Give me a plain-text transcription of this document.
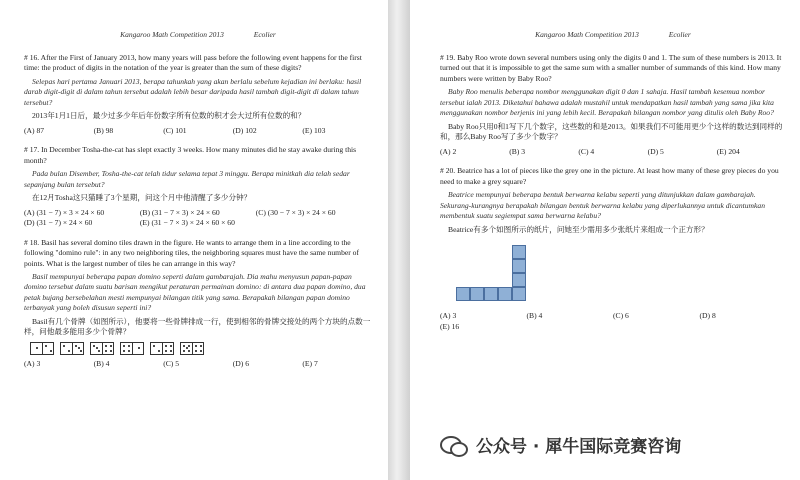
Kangaroo Math Competition 2013	Ecolier

# 16. After the First of January 2013, how many years will pass before the following event happens for the first time: the product of digits in the notation of the year is greater than the sum of these digits?

Selepas hari pertama Januari 2013, berapa tahunkah yang akan berlalu sebelum kejadian ini berlaku: hasil darab digit-digit di dalam tahun tersebut adalah lebih besar daripada hasil tambah digit-digit di dalam tahun tersebut?

2013年1月1日后，最少过多少年后年份数字所有位数的积才会大过所有位数的和？

(A) 87	(B) 98	(C) 101	(D) 102	(E) 103

# 17. In December Tosha-the-cat has slept exactly 3 weeks. How many minutes did he stay awake during this month?

Pada bulan Disember, Tosha-the-cat telah tidur selama tepat 3 minggu. Berapa minitkah dia telah sedar sepanjang bulan tersebut?

在12月Tosha这只猫睡了3个星期，问这个月中他清醒了多少分钟？

(A) (31 − 7) × 3 × 24 × 60	(B) (31 − 7 × 3) × 24 × 60	(C) (30 − 7 × 3) × 24 × 60
(D) (31 − 7) × 24 × 60	(E) (31 − 7 × 3) × 24 × 60 × 60

# 18. Basil has several domino tiles drawn in the figure. He wants to arrange them in a line according to the following "domino rule": in any two neighboring tiles, the neighboring squares must have the same number of points. What is the largest number of tiles he can arrange in this way?

Basil mempunyai beberapa papan domino seperti dalam gambarajah. Dia mahu menyusun papan-papan domino tersebut dalam suatu barisan mengikut peraturan permainan domino: di antara dua papan domino, dua petak bujang bersebelahan mesti mempunyai bilangan titik yang sama. Berapakah bilangan papan domino terbanyak yang boleh disusun seperti ini?

Basil有几个骨牌（如图所示），他要将一些骨牌排成一行，使到相邻的骨牌交接处的两个方块的点数一样，问他最多能用多少个骨牌？

(A) 3	(B) 4	(C) 5	(D) 6	(E) 7
Kangaroo Math Competition 2013	Ecolier

# 19. Baby Roo wrote down several numbers using only the digits 0 and 1. The sum of these numbers is 2013. It turned out that it is impossible to get the same sum with a smaller number of summands of this kind. How many numbers were written by Baby Roo?

Baby Roo menulis beberapa nombor menggunakan digit 0 dan 1 sahaja. Hasil tambah kesemua nombor tersebut ialah 2013. Diketahui bahawa adalah mustahil untuk mendapatkan hasil tambah yang sama jika kita menggunakan nombor berjenis ini yang lebih kecil. Berapakah bilangan nombor yang ditulis oleh Baby Roo?

Baby Roo只用0和1写下几个数字，这些数的和是2013。如果我们不可能用更少个这样的数达到同样的和，那么Baby Roo写了多少个数字？

(A) 2	(B) 3	(C) 4	(D) 5	(E) 204

# 20. Beatrice has a lot of pieces like the grey one in the picture. At least how many of these grey pieces do you need to make a grey square?

Beatrice mempunyai beberapa bentuk berwarna kelabu seperti yang ditunjukkan dalam gambarajah. Sekurang-kurangnya berapakah bilangan bentuk berwarna kelabu yang diperlukannya untuk dicantumkan membentuk suatu segiempat sama berwarna kelabu?

Beatrice有多个如图所示的纸片，问她至少需用多少张纸片来组成一个正方形？

(A) 3	(B) 4	(C) 6	(D) 8
(E) 16
公众号 · 犀牛国际竞赛咨询
